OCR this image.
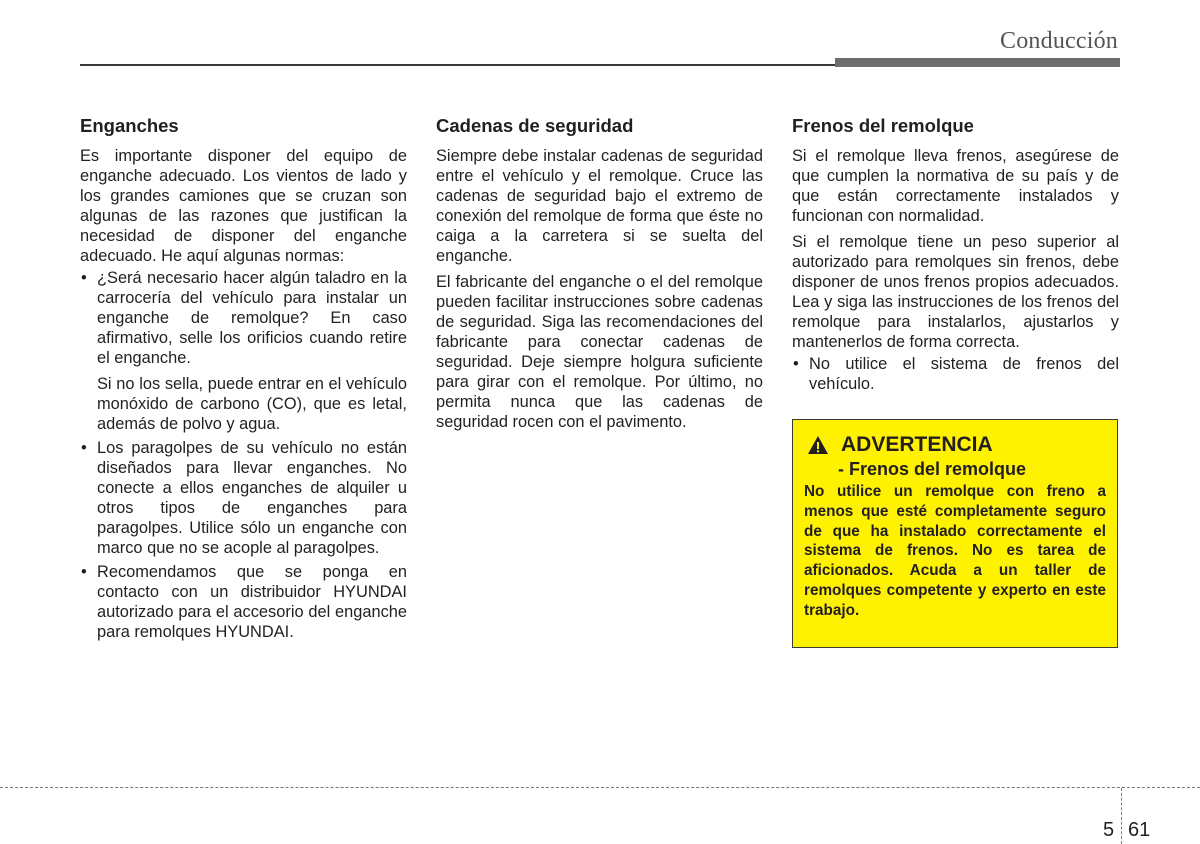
Conducción
Enganches

Es importante disponer del equipo de enganche adecuado. Los vientos de lado y los grandes camiones que se cruzan son algunas de las razones que justifican la necesidad de disponer del enganche adecuado. He aquí algunas normas:

• ¿Será necesario hacer algún taladro en la carrocería del vehículo para instalar un enganche de remolque? En caso afirmativo, selle los orificios cuando retire el enganche.
Si no los sella, puede entrar en el vehículo monóxido de carbono (CO), que es letal, además de polvo y agua.
• Los paragolpes de su vehículo no están diseñados para llevar enganches. No conecte a ellos enganches de alquiler u otros tipos de enganches para paragolpes. Utilice sólo un enganche con marco que no se acople al paragolpes.
• Recomendamos que se ponga en contacto con un distribuidor HYUNDAI autorizado para el accesorio del enganche para remolques HYUNDAI.
Cadenas de seguridad

Siempre debe instalar cadenas de seguridad entre el vehículo y el remolque. Cruce las cadenas de seguridad bajo el extremo de conexión del remolque de forma que éste no caiga a la carretera si se suelta del enganche.

El fabricante del enganche o el del remolque pueden facilitar instrucciones sobre cadenas de seguridad. Siga las recomendaciones del fabricante para conectar cadenas de seguridad. Deje siempre holgura suficiente para girar con el remolque. Por último, no permita nunca que las cadenas de seguridad rocen con el pavimento.

Frenos del remolque

Si el remolque lleva frenos, asegúrese de que cumplen la normativa de su país y de que están correctamente instalados y funcionan con normalidad.

Si el remolque tiene un peso superior al autorizado para remolques sin frenos, debe disponer de unos frenos propios adecuados. Lea y siga las instrucciones de los frenos del remolque para instalarlos, ajustarlos y mantenerlos de forma correcta.

• No utilice el sistema de frenos del vehículo.
ADVERTENCIA
- Frenos del remolque
No utilice un remolque con freno a menos que esté completamente seguro de que ha instalado correctamente el sistema de frenos. No es tarea de aficionados. Acuda a un taller de remolques competente y experto en este trabajo.
5 61
